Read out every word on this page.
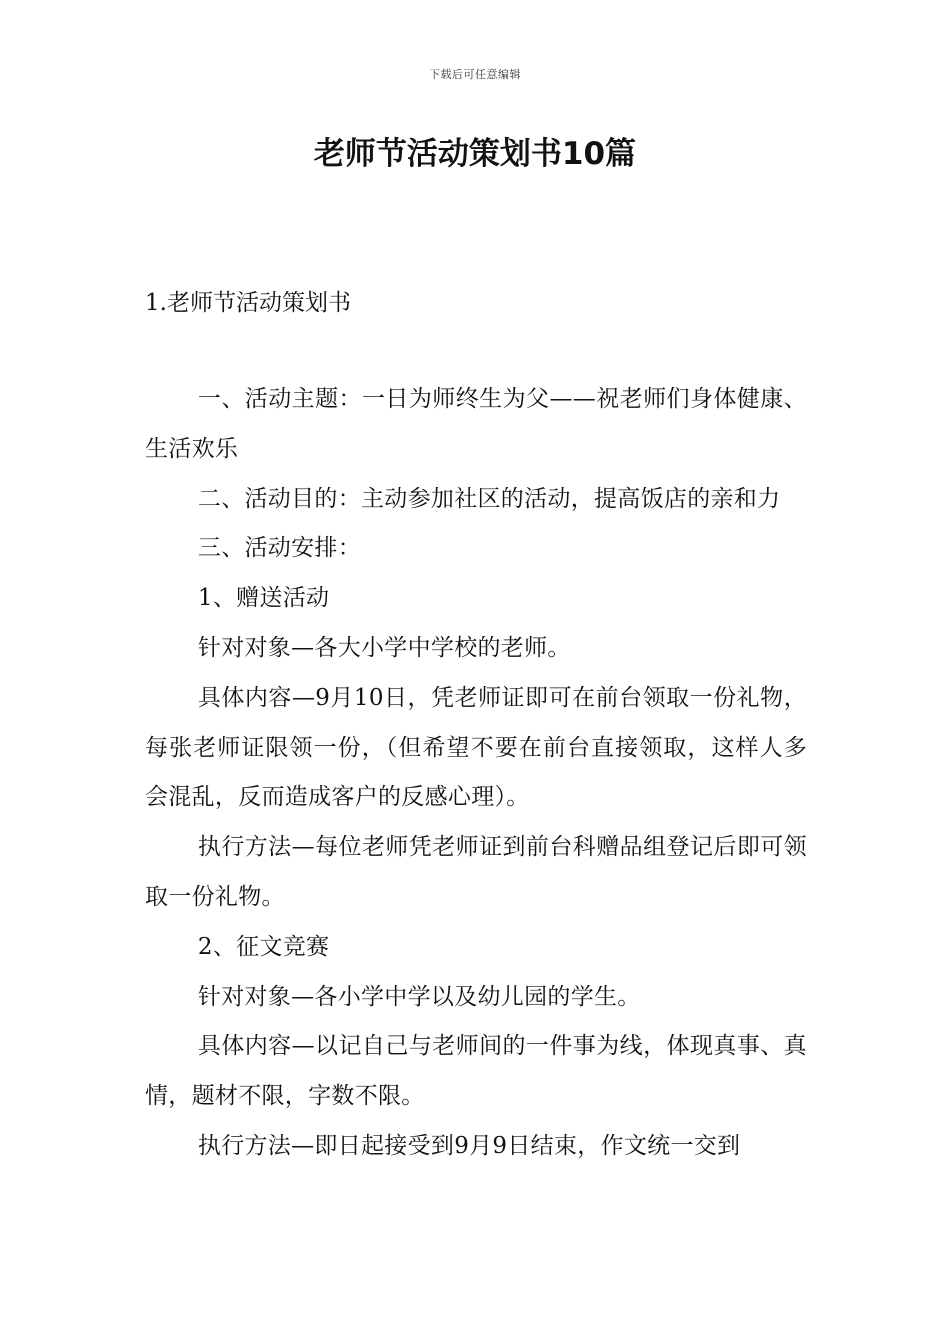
下载后可任意编辑
老师节活动策划书10篇
1.老师节活动策划书

一、活动主题：一日为师终生为父——祝老师们身体健康、生活欢乐

二、活动目的：主动参加社区的活动，提高饭店的亲和力

三、活动安排：

1、赠送活动

针对对象—各大小学中学校的老师。

具体内容—9月10日，凭老师证即可在前台领取一份礼物，每张老师证限领一份，（但希望不要在前台直接领取，这样人多会混乱，反而造成客户的反感心理）。

执行方法—每位老师凭老师证到前台科赠品组登记后即可领取一份礼物。

2、征文竞赛

针对对象—各小学中学以及幼儿园的学生。

具体内容—以记自己与老师间的一件事为线，体现真事、真情，题材不限，字数不限。

执行方法—即日起接受到9月9日结束，作文统一交到
